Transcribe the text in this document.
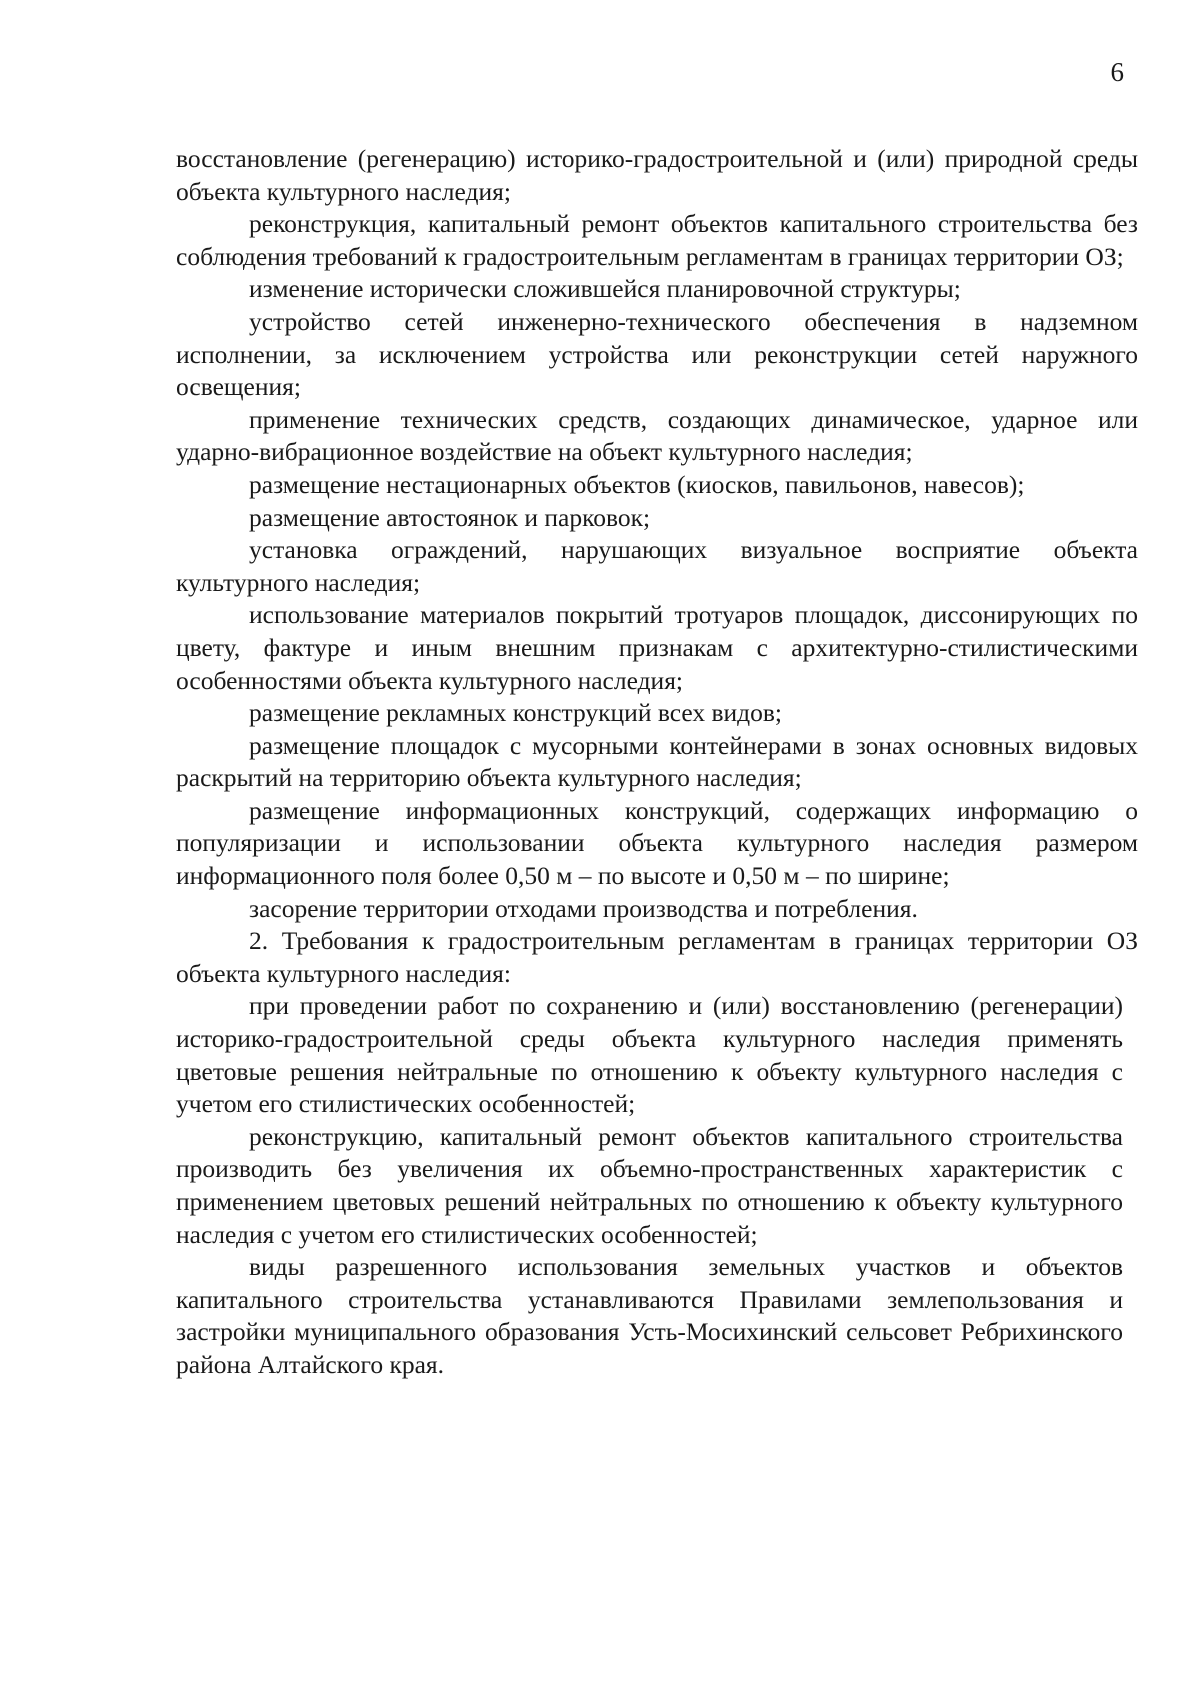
6

восстановление (регенерацию) историко-градостроительной и (или) природной среды объекта культурного наследия;

реконструкция, капитальный ремонт объектов капитального строительства без соблюдения требований к градостроительным регламентам в границах территории ОЗ;

изменение исторически сложившейся планировочной структуры;

устройство сетей инженерно-технического обеспечения в надземном исполнении, за исключением устройства или реконструкции сетей наружного освещения;

применение технических средств, создающих динамическое, ударное или ударно-вибрационное воздействие на объект культурного наследия;

размещение нестационарных объектов (киосков, павильонов, навесов);

размещение автостоянок и парковок;

установка ограждений, нарушающих визуальное восприятие объекта культурного наследия;

использование материалов покрытий тротуаров площадок, диссонирующих по цвету, фактуре и иным внешним признакам с архитектурно-стилистическими особенностями объекта культурного наследия;

размещение рекламных конструкций всех видов;

размещение площадок с мусорными контейнерами в зонах основных видовых раскрытий на территорию объекта культурного наследия;

размещение информационных конструкций, содержащих информацию о популяризации и использовании объекта культурного наследия размером информационного поля более 0,50 м – по высоте и 0,50 м – по ширине;

засорение территории отходами производства и потребления.

2. Требования к градостроительным регламентам в границах территории ОЗ объекта культурного наследия:

при проведении работ по сохранению и (или) восстановлению (регенерации) историко-градостроительной среды объекта культурного наследия применять цветовые решения нейтральные по отношению к объекту культурного наследия с учетом его стилистических особенностей;

реконструкцию, капитальный ремонт объектов капитального строительства производить без увеличения их объемно-пространственных характеристик с применением цветовых решений нейтральных по отношению к объекту культурного наследия с учетом его стилистических особенностей;

виды разрешенного использования земельных участков и объектов капитального строительства устанавливаются Правилами землепользования и застройки муниципального образования Усть-Мосихинский сельсовет Ребрихинского района Алтайского края.
